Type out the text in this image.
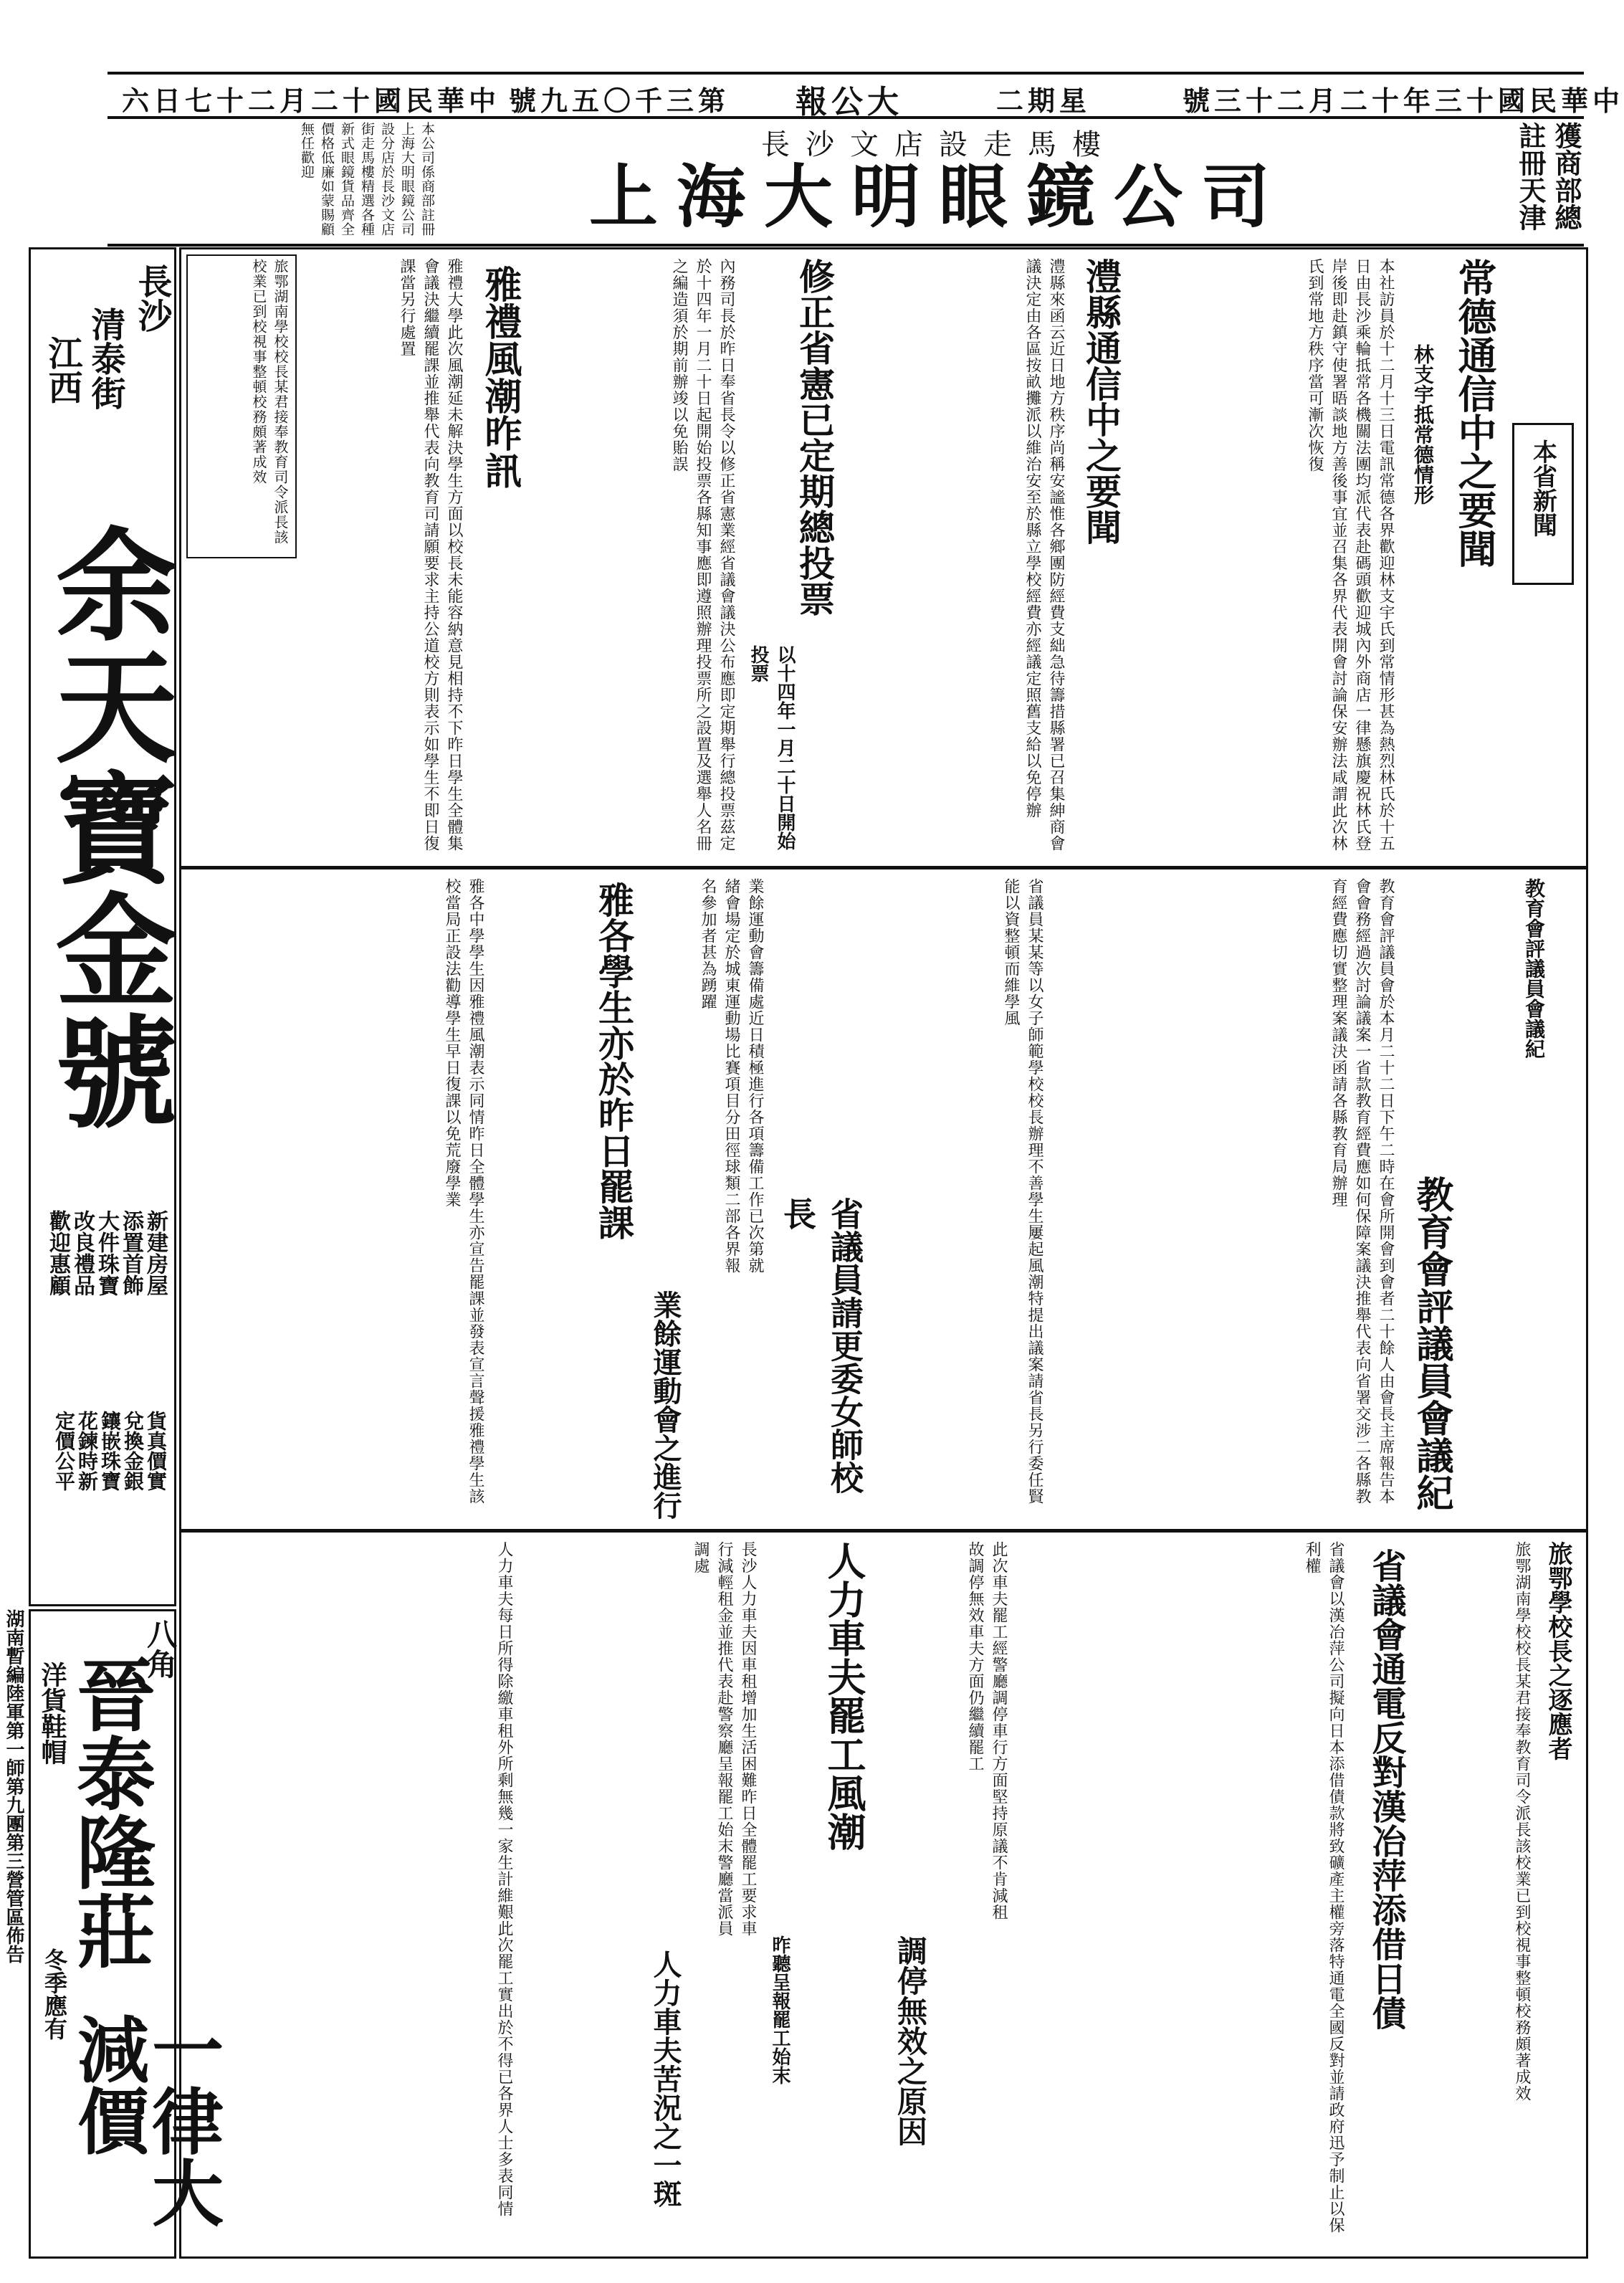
六日七十二月二十國民華中 號九五〇千三第 報公大	二期星	號三十二月二十年三十國民華中
長沙文店設走馬樓
上海大明眼鏡公司
獲商部總註冊天津
本公司係商部註冊上海大明眼鏡公司設分店於長沙文店街走馬樓精選各種新式眼鏡貨品齊全價格低廉如蒙賜顧無任歡迎
長沙
清泰街
江西
余天寶金號
新建房屋
添置首飾
大件珠寶
改良禮品
歡迎惠顧
貨真價實
兌換金銀
鑲嵌珠寶
花鍊時新
定價公平
八角
晉泰隆莊
洋貨鞋帽
冬季應有
一律大減價
湖南暫編陸軍第一師第九團第三營管區佈告
本省新聞
常德通信中之要聞
林支宇抵常德情形
本社訪員於十二月十三日電訊常德各界歡迎林支宇氏到常情形甚為熱烈林氏於十五日由長沙乘輪抵常各機關法團均派代表赴碼頭歡迎城內外商店一律懸旗慶祝林氏登岸後即赴鎮守使署晤談地方善後事宜並召集各界代表開會討論保安辦法咸謂此次林氏到常地方秩序當可漸次恢復
澧縣通信中之要聞
澧縣來函云近日地方秩序尚稱安謐惟各鄉團防經費支絀急待籌措縣署已召集紳商會議決定由各區按畝攤派以維治安至於縣立學校經費亦經議定照舊支給以免停辦
修正省憲已定期總投票
以十四年一月二十日開始投票
內務司長於昨日奉省長令以修正省憲業經省議會議決公布應即定期舉行總投票茲定於十四年一月二十日起開始投票各縣知事應即遵照辦理投票所之設置及選舉人名冊之編造須於期前辦竣以免貽誤
雅禮風潮昨訊
雅禮大學此次風潮延未解決學生方面以校長未能容納意見相持不下昨日學生全體集會議決繼續罷課並推舉代表向教育司請願要求主持公道校方則表示如學生不即日復課當另行處置
旅鄂湖南學校校長某君接奉教育司令派長該校業已到校視事整頓校務頗著成效
教育會評議員會議紀
教育會評議員會議紀
教育會評議員會於本月二十二日下午二時在會所開會到會者二十餘人由會長主席報告本會會務經過次討論議案一省款教育經費應如何保障案議決推舉代表向省署交涉二各縣教育經費應切實整理案議決函請各縣教育局辦理
省議員請更委女師校長	省議員某某等以女子師範學校校長辦理不善學生屢起風潮特提出議案請省長另行委任賢能以資整頓而維學風
業餘運動會之進行
業餘運動會籌備處近日積極進行各項籌備工作已次第就緒會場定於城東運動場比賽項目分田徑球類二部各界報名參加者甚為踴躍
雅各學生亦於昨日罷課
雅各中學學生因雅禮風潮表示同情昨日全體學生亦宣告罷課並發表宣言聲援雅禮學生該校當局正設法勸導學生早日復課以免荒廢學業
旅鄂學校長之逐應者
旅鄂湖南學校校長某君接奉教育司令派長該校業已到校視事整頓校務頗著成效
省議會通電反對漢冶萍添借日債
省議會以漢冶萍公司擬向日本添借債款將致礦產主權旁落特通電全國反對並請政府迅予制止以保利權
人力車夫罷工風潮
昨聽呈報罷工始末
長沙人力車夫因車租增加生活困難昨日全體罷工要求車行減輕租金並推代表赴警察廳呈報罷工始末警廳當派員調處
調停無效之原因
此次車夫罷工經警廳調停車行方面堅持原議不肯減租故調停無效車夫方面仍繼續罷工
人力車夫苦況之一斑
人力車夫每日所得除繳車租外所剩無幾一家生計維艱此次罷工實出於不得已各界人士多表同情
